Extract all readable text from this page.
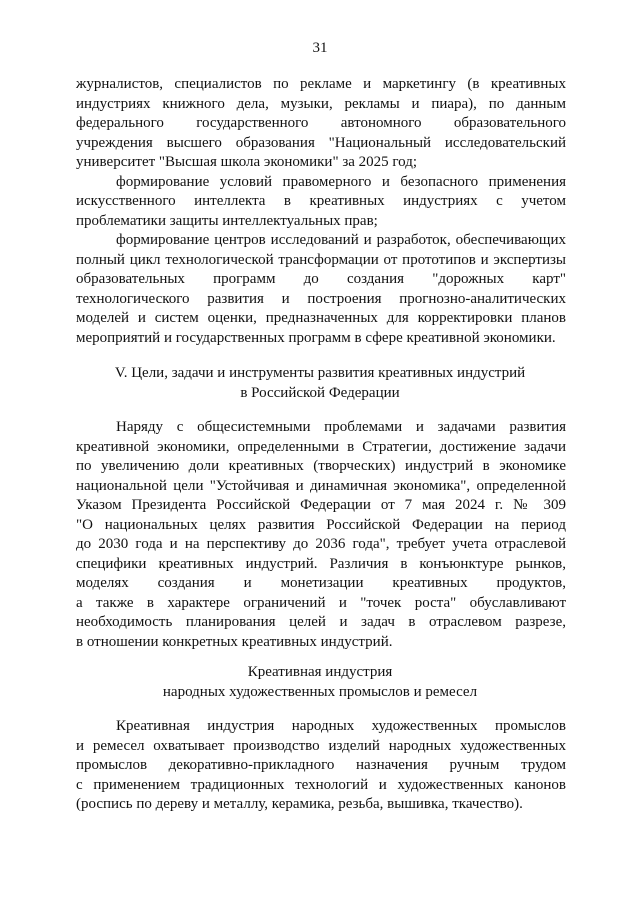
31
журналистов, специалистов по рекламе и маркетингу (в креативных
индустриях книжного дела, музыки, рекламы и пиара), по данным
федерального государственного автономного образовательного
учреждения высшего образования "Национальный исследовательский
университет "Высшая школа экономики" за 2025 год;
формирование условий правомерного и безопасного применения
искусственного интеллекта в креативных индустриях с учетом
проблематики защиты интеллектуальных прав;
формирование центров исследований и разработок, обеспечивающих
полный цикл технологической трансформации от прототипов и экспертизы
образовательных программ до создания "дорожных карт"
технологического развития и построения прогнозно-аналитических
моделей и систем оценки, предназначенных для корректировки планов
мероприятий и государственных программ в сфере креативной экономики.
V. Цели, задачи и инструменты развития креативных индустрий
в Российской Федерации
Наряду с общесистемными проблемами и задачами развития
креативной экономики, определенными в Стратегии, достижение задачи
по увеличению доли креативных (творческих) индустрий в экономике
национальной цели "Устойчивая и динамичная экономика", определенной
Указом Президента Российской Федерации от 7 мая 2024 г. № 309
"О национальных целях развития Российской Федерации на период
до 2030 года и на перспективу до 2036 года", требует учета отраслевой
специфики креативных индустрий. Различия в конъюнктуре рынков,
моделях создания и монетизации креативных продуктов,
а также в характере ограничений и "точек роста" обуславливают
необходимость планирования целей и задач в отраслевом разрезе,
в отношении конкретных креативных индустрий.
Креативная индустрия
народных художественных промыслов и ремесел
Креативная индустрия народных художественных промыслов
и ремесел охватывает производство изделий народных художественных
промыслов декоративно-прикладного назначения ручным трудом
с применением традиционных технологий и художественных канонов
(роспись по дереву и металлу, керамика, резьба, вышивка, ткачество).
